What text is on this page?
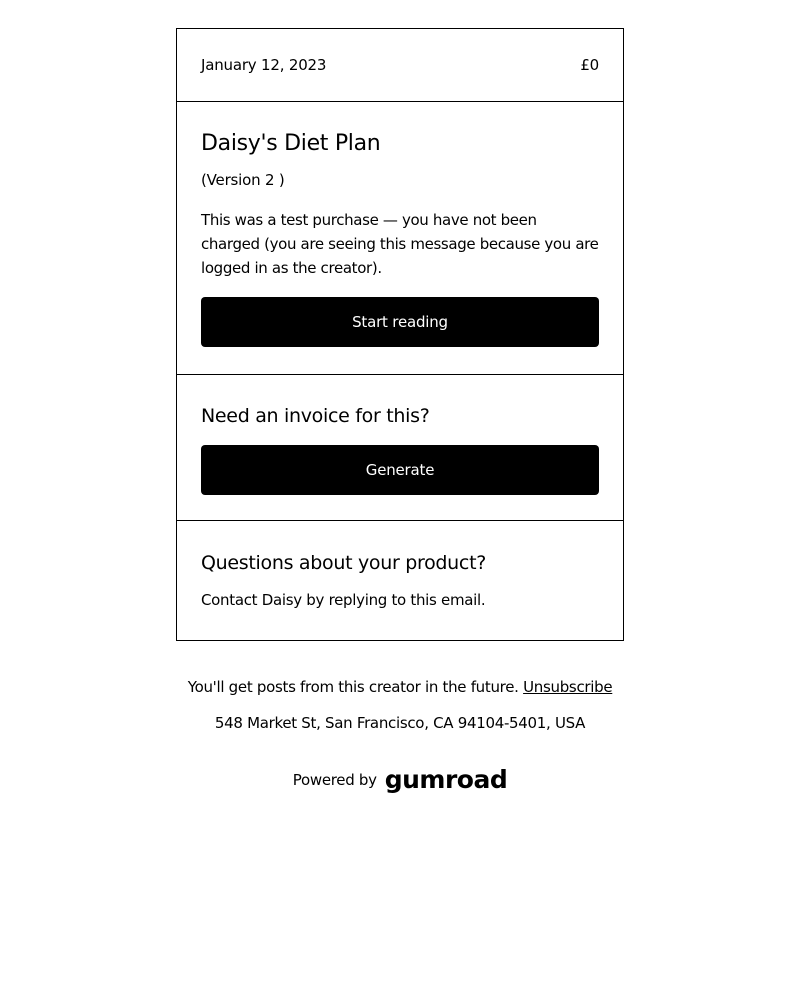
January 12, 2023	£0
Daisy's Diet Plan
(Version 2 )
This was a test purchase — you have not been charged (you are seeing this message because you are logged in as the creator).
Start reading
Need an invoice for this?
Generate
Questions about your product?

Contact Daisy by replying to this email.

You'll get posts from this creator in the future. Unsubscribe
548 Market St, San Francisco, CA 94104-5401, USA
Powered by gumroad
